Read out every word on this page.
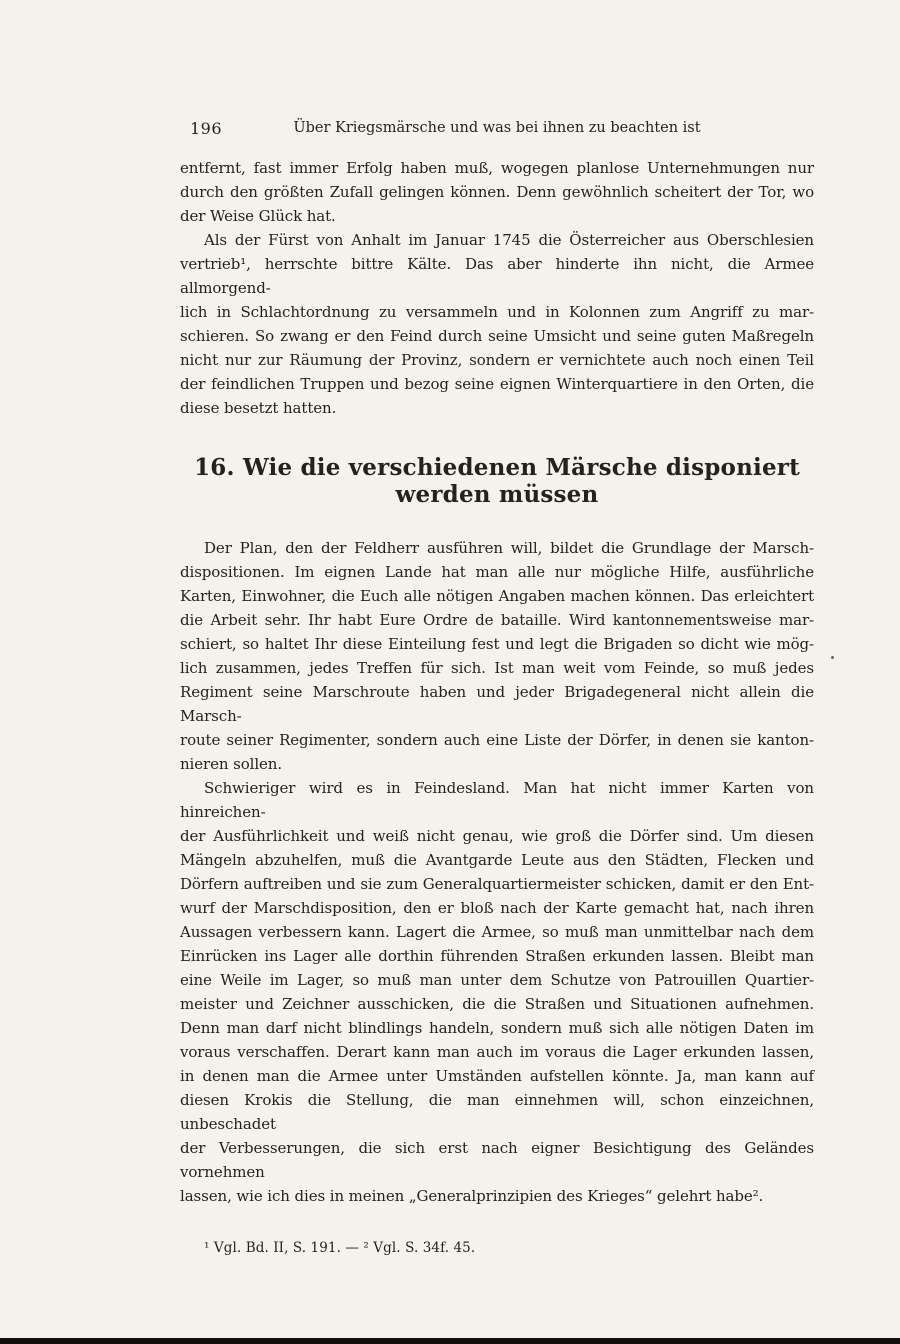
196	Über Kriegsmärsche und was bei ihnen zu beachten ist
entfernt, fast immer Erfolg haben muß, wogegen planlose Unternehmungen nur
durch den größten Zufall gelingen können. Denn gewöhnlich scheitert der Tor, wo
der Weise Glück hat.
Als der Fürst von Anhalt im Januar 1745 die Österreicher aus Oberschlesien
vertrieb¹, herrschte bittre Kälte. Das aber hinderte ihn nicht, die Armee allmorgend-
lich in Schlachtordnung zu versammeln und in Kolonnen zum Angriff zu mar-
schieren. So zwang er den Feind durch seine Umsicht und seine guten Maßregeln
nicht nur zur Räumung der Provinz, sondern er vernichtete auch noch einen Teil
der feindlichen Truppen und bezog seine eignen Winterquartiere in den Orten, die
diese besetzt hatten.
16. Wie die verschiedenen Märsche disponiert werden müssen
Der Plan, den der Feldherr ausführen will, bildet die Grundlage der Marsch-
dispositionen. Im eignen Lande hat man alle nur mögliche Hilfe, ausführliche
Karten, Einwohner, die Euch alle nötigen Angaben machen können. Das erleichtert
die Arbeit sehr. Ihr habt Eure Ordre de bataille. Wird kantonnementsweise mar-
schiert, so haltet Ihr diese Einteilung fest und legt die Brigaden so dicht wie mög-
lich zusammen, jedes Treffen für sich. Ist man weit vom Feinde, so muß jedes
Regiment seine Marschroute haben und jeder Brigadegeneral nicht allein die Marsch-
route seiner Regimenter, sondern auch eine Liste der Dörfer, in denen sie kanton-
nieren sollen.
Schwieriger wird es in Feindesland. Man hat nicht immer Karten von hinreichen-
der Ausführlichkeit und weiß nicht genau, wie groß die Dörfer sind. Um diesen
Mängeln abzuhelfen, muß die Avantgarde Leute aus den Städten, Flecken und
Dörfern auftreiben und sie zum Generalquartiermeister schicken, damit er den Ent-
wurf der Marschdisposition, den er bloß nach der Karte gemacht hat, nach ihren
Aussagen verbessern kann. Lagert die Armee, so muß man unmittelbar nach dem
Einrücken ins Lager alle dorthin führenden Straßen erkunden lassen. Bleibt man
eine Weile im Lager, so muß man unter dem Schutze von Patrouillen Quartier-
meister und Zeichner ausschicken, die die Straßen und Situationen aufnehmen.
Denn man darf nicht blindlings handeln, sondern muß sich alle nötigen Daten im
voraus verschaffen. Derart kann man auch im voraus die Lager erkunden lassen,
in denen man die Armee unter Umständen aufstellen könnte. Ja, man kann auf
diesen Krokis die Stellung, die man einnehmen will, schon einzeichnen, unbeschadet
der Verbesserungen, die sich erst nach eigner Besichtigung des Geländes vornehmen
lassen, wie ich dies in meinen „Generalprinzipien des Krieges“ gelehrt habe².
¹ Vgl. Bd. II, S. 191. — ² Vgl. S. 34f. 45.
